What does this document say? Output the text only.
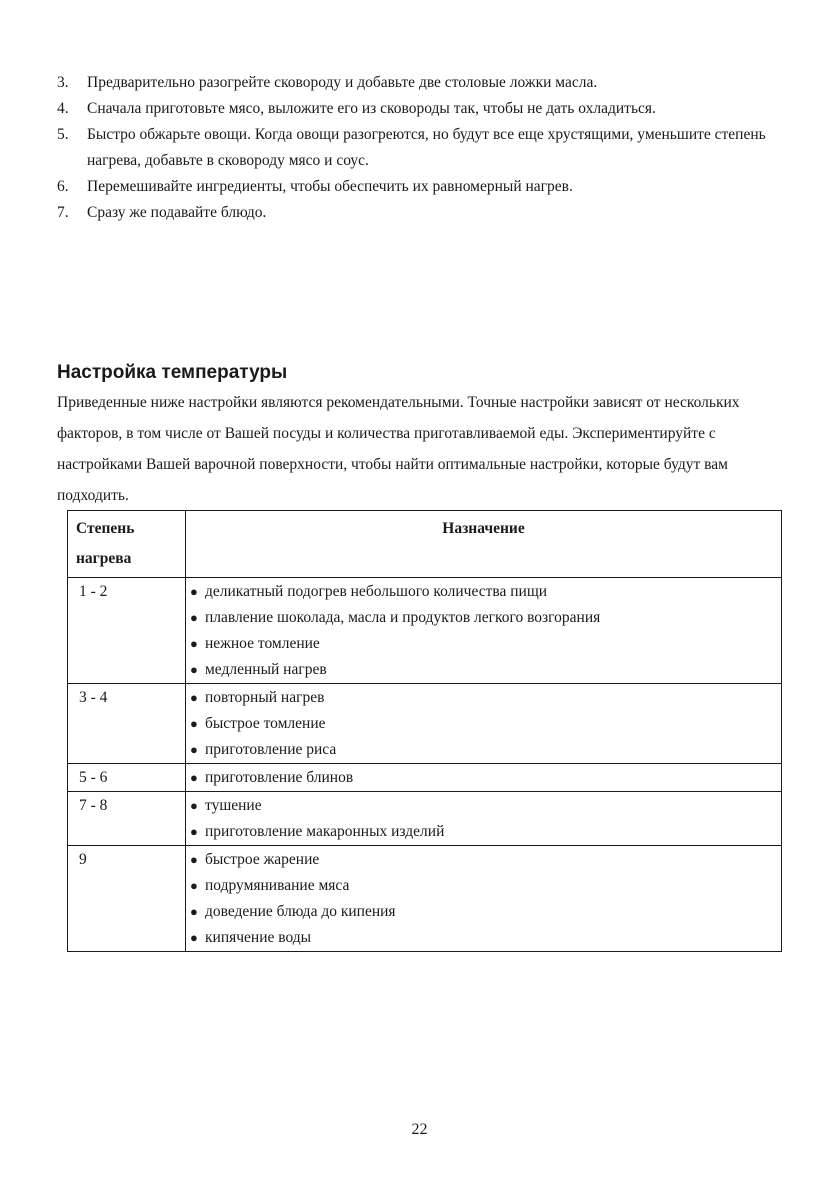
3.	Предварительно разогрейте сковороду и добавьте две столовые ложки масла.
4.	Сначала приготовьте мясо, выложите его из сковороды так, чтобы не дать охладиться.
5.	Быстро обжарьте овощи. Когда овощи разогреются, но будут все еще хрустящими, уменьшите степень нагрева, добавьте в сковороду мясо и соус.
6.	Перемешивайте ингредиенты, чтобы обеспечить их равномерный нагрев.
7.	Сразу же подавайте блюдо.
Настройка температуры

Приведенные ниже настройки являются рекомендательными. Точные настройки зависят от нескольких факторов, в том числе от Вашей посуды и количества приготавливаемой еды. Экспериментируйте с настройками Вашей варочной поверхности, чтобы найти оптимальные настройки, которые будут вам подходить.

Степень нагрева	Назначение
1 - 2	● деликатный подогрев небольшого количества пищи
● плавление шоколада, масла и продуктов легкого возгорания
● нежное томление
● медленный нагрев

3 - 4	● повторный нагрев
● быстрое томление
● приготовление риса

5 - 6	● приготовление блинов

7 - 8	● тушение
● приготовление макаронных изделий

9	● быстрое жарение
● подрумянивание мяса
● доведение блюда до кипения
● кипячение воды
22
